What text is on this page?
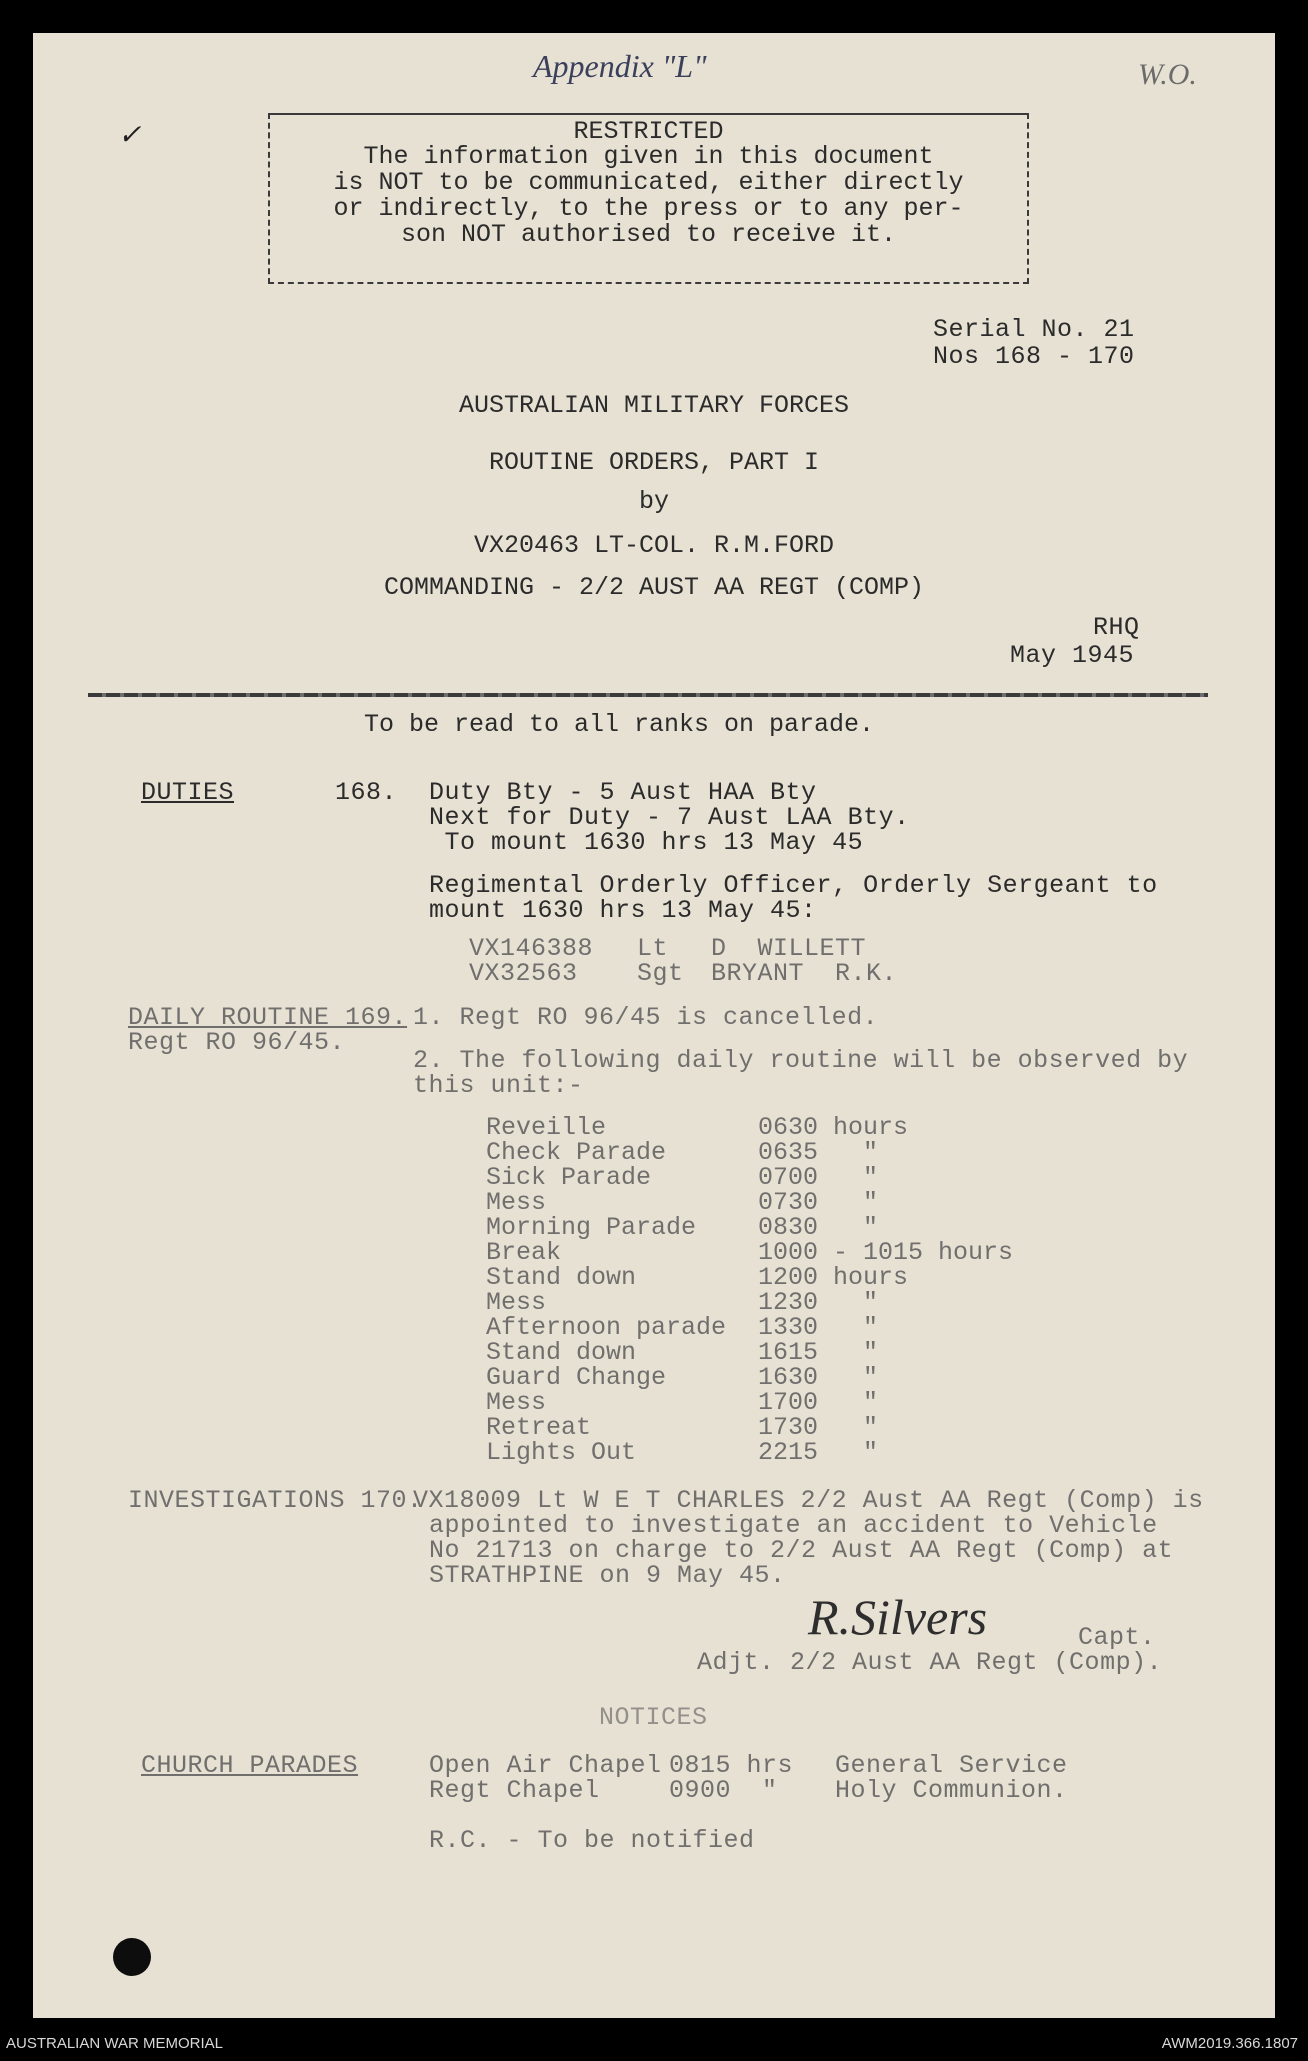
Appendix "L"	W.O.
✓	RESTRICTED
The information given in this document
is NOT to be communicated, either directly
or indirectly, to the press or to any per-
son NOT authorised to receive it.
Serial No. 21
Nos 168 - 170
AUSTRALIAN MILITARY FORCES
ROUTINE ORDERS, PART I
by
VX20463 LT-COL. R.M.FORD
COMMANDING - 2/2 AUST AA REGT (COMP)
RHQ
May 1945
To be read to all ranks on parade.
DUTIES	168. Duty Bty - 5 Aust HAA Bty
Next for Duty - 7 Aust LAA Bty.
To mount 1630 hrs 13 May 45
Regimental Orderly Officer, Orderly Sergeant to
mount 1630 hrs 13 May 45:
VX146388 Lt D  WILLETT
VX32563 Sgt BRYANT  R.K.
DAILY ROUTINE 169.
Regt RO 96/45.
1. Regt RO 96/45 is cancelled.
2. The following daily routine will be observed by
this unit:-
Reveille	0630 hours
Check Parade	0635   "
Sick Parade	0700   "
Mess	0730   "
Morning Parade 0830   "
Break	1000 - 1015 hours
Stand down	1200 hours
Mess	1230   "
Afternoon parade 1330   "
Stand down	1615   "
Guard Change	1630   "
Mess	1700   "
Retreat	1730   "
Lights Out	2215   "
INVESTIGATIONS 170.
VX18009 Lt W E T CHARLES 2/2 Aust AA Regt (Comp) is
appointed to investigate an accident to Vehicle
No 21713 on charge to 2/2 Aust AA Regt (Comp) at
STRATHPINE on 9 May 45.
R.Silvers	Capt.
Adjt. 2/2 Aust AA Regt (Comp).
NOTICES
CHURCH PARADES	Open Air Chapel 0815 hrs General Service
Regt Chapel	0900  " Holy Communion.
R.C. - To be notified
AUSTRALIAN WAR MEMORIAL	AWM2019.366.1807
